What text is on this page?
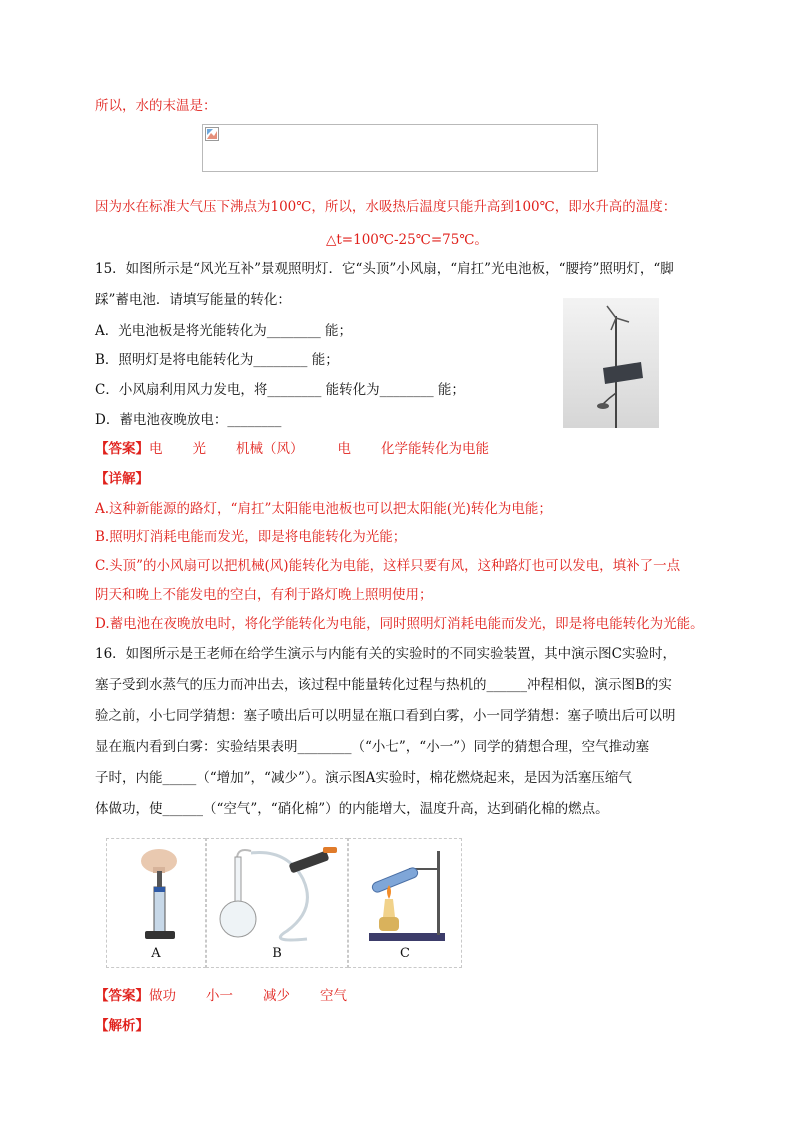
所以，水的末温是：
因为水在标准大气压下沸点为100℃，所以，水吸热后温度只能升高到100℃，即水升高的温度：
△t=100℃-25℃=75℃。
15．如图所示是“风光互补”景观照明灯．它“头顶”小风扇，“肩扛”光电池板，“腰挎”照明灯，“脚
踩”蓄电池．请填写能量的转化：
A．光电池板是将光能转化为________ 能；
B．照明灯是将电能转化为________ 能；
C．小风扇利用风力发电，将________ 能转化为________ 能；
D．蓄电池夜晚放电：________
【答案】电 光 机械（风）	电 化学能转化为电能
【详解】
A.这种新能源的路灯，“肩扛”太阳能电池板也可以把太阳能(光)转化为电能；
B.照明灯消耗电能而发光，即是将电能转化为光能；
C.头顶”的小风扇可以把机械(风)能转化为电能，这样只要有风，这种路灯也可以发电，填补了一点
阴天和晚上不能发电的空白，有利于路灯晚上照明使用；
D.蓄电池在夜晚放电时，将化学能转化为电能，同时照明灯消耗电能而发光，即是将电能转化为光能。
16．如图所示是王老师在给学生演示与内能有关的实验时的不同实验装置，其中演示图C实验时，
塞子受到水蒸气的压力而冲出去，该过程中能量转化过程与热机的______冲程相似，演示图B的实
验之前，小七同学猜想：塞子喷出后可以明显在瓶口看到白雾，小一同学猜想：塞子喷出后可以明
显在瓶内看到白雾：实验结果表明________（“小七”，“小一”）同学的猜想合理，空气推动塞
子时，内能_____（“增加”，“减少”）。演示图A实验时，棉花燃烧起来，是因为活塞压缩气
体做功，使______（“空气”，“硝化棉”）的内能增大，温度升高，达到硝化棉的燃点。
A	B	C
【答案】做功 小一 减少 空气
【解析】
